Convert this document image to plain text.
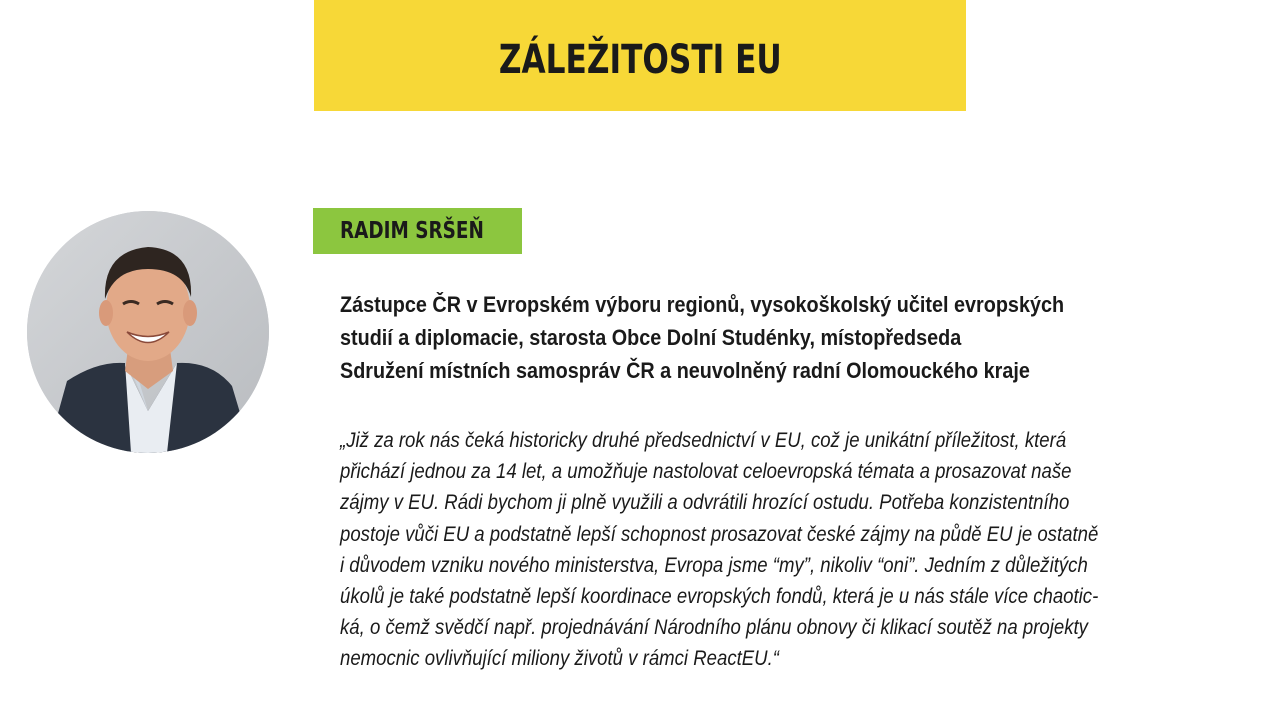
ZÁLEŽITOSTI EU
RADIM SRŠEŇ
Zástupce ČR v Evropském výboru regionů, vysokoškolský učitel evropských
studií a diplomacie, starosta Obce Dolní Studénky, místopředseda
Sdružení místních samospráv ČR a neuvolněný radní Olomouckého kraje
„Již za rok nás čeká historicky druhé předsednictví v EU, což je unikátní příležitost, která
přichází jednou za 14 let, a umožňuje nastolovat celoevropská témata a prosazovat naše
zájmy v EU. Rádi bychom ji plně využili a odvrátili hrozící ostudu. Potřeba konzistentního
postoje vůči EU a podstatně lepší schopnost prosazovat české zájmy na půdě EU je ostatně
i důvodem vzniku nového ministerstva, Evropa jsme “my”, nikoliv “oni”. Jedním z důležitých
úkolů je také podstatně lepší koordinace evropských fondů, která je u nás stále více chaotic-
ká, o čemž svědčí např. projednávání Národního plánu obnovy či klikací soutěž na projekty
nemocnic ovlivňující miliony životů v rámci ReactEU.“
